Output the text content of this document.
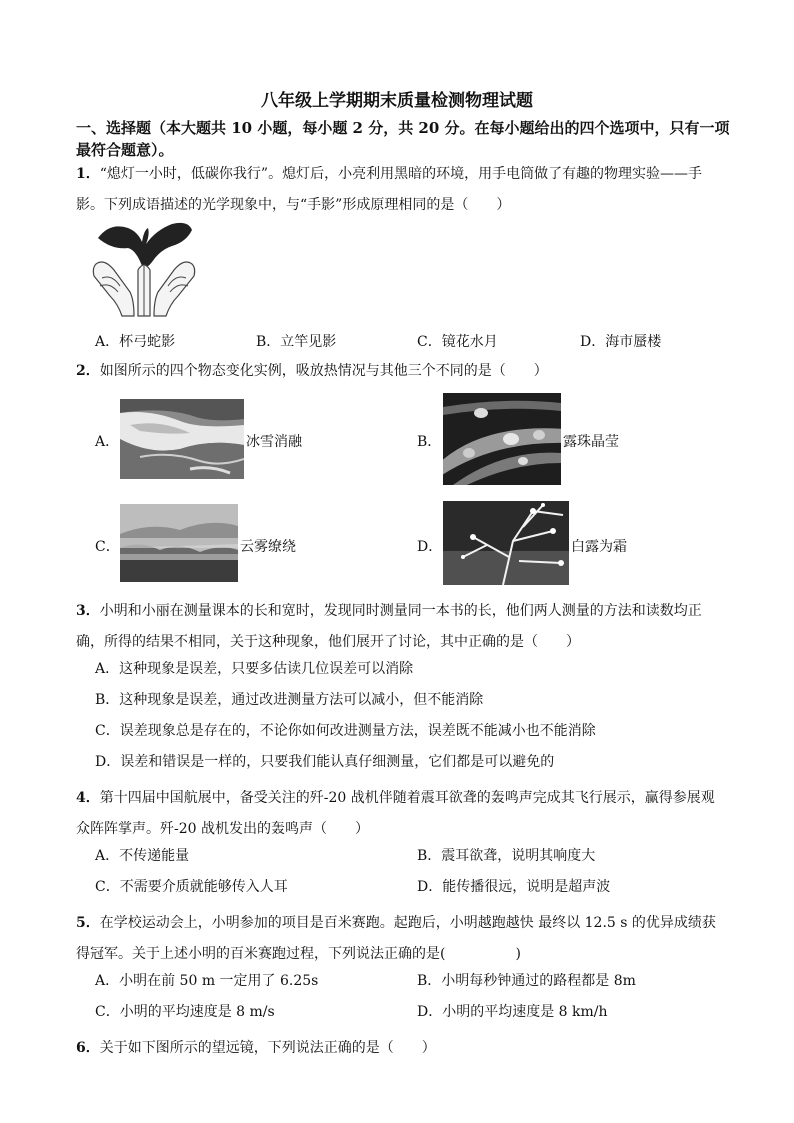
八年级上学期期末质量检测物理试题
一、选择题（本大题共 10 小题，每小题 2 分，共 20 分。在每小题给出的四个选项中，只有一项
最符合题意）。
1．“熄灯一小时，低碳你我行”。熄灯后，小亮利用黑暗的环境，用手电筒做了有趣的物理实验——手
影。下列成语描述的光学现象中，与“手影”形成原理相同的是（　　）
A．杯弓蛇影	B．立竿见影	C．镜花水月	D．海市蜃楼
2．如图所示的四个物态变化实例，吸放热情况与其他三个不同的是（　　）
A．	冰雪消融	B．	露珠晶莹
C．	云雾缭绕	D．	白露为霜
3．小明和小丽在测量课本的长和宽时，发现同时测量同一本书的长，他们两人测量的方法和读数均正
确，所得的结果不相同，关于这种现象，他们展开了讨论，其中正确的是（　　）
A．这种现象是误差，只要多估读几位误差可以消除
B．这种现象是误差，通过改进测量方法可以减小，但不能消除
C．误差现象总是存在的，不论你如何改进测量方法，误差既不能减小也不能消除
D．误差和错误是一样的，只要我们能认真仔细测量，它们都是可以避免的
4．第十四届中国航展中，备受关注的歼-20 战机伴随着震耳欲聋的轰鸣声完成其飞行展示，赢得参展观
众阵阵掌声。歼-20 战机发出的轰鸣声（　　）
A．不传递能量	B．震耳欲聋，说明其响度大
C．不需要介质就能够传入人耳	D．能传播很远，说明是超声波
5．在学校运动会上，小明参加的项目是百米赛跑。起跑后，小明越跑越快 最终以 12.5 s 的优异成绩获
得冠军。关于上述小明的百米赛跑过程，下列说法正确的是(　　　　　)
A．小明在前 50 m 一定用了 6.25s	B．小明每秒钟通过的路程都是 8m
C．小明的平均速度是 8 m/s	D．小明的平均速度是 8 km/h
6．关于如下图所示的望远镜，下列说法正确的是（　　）
